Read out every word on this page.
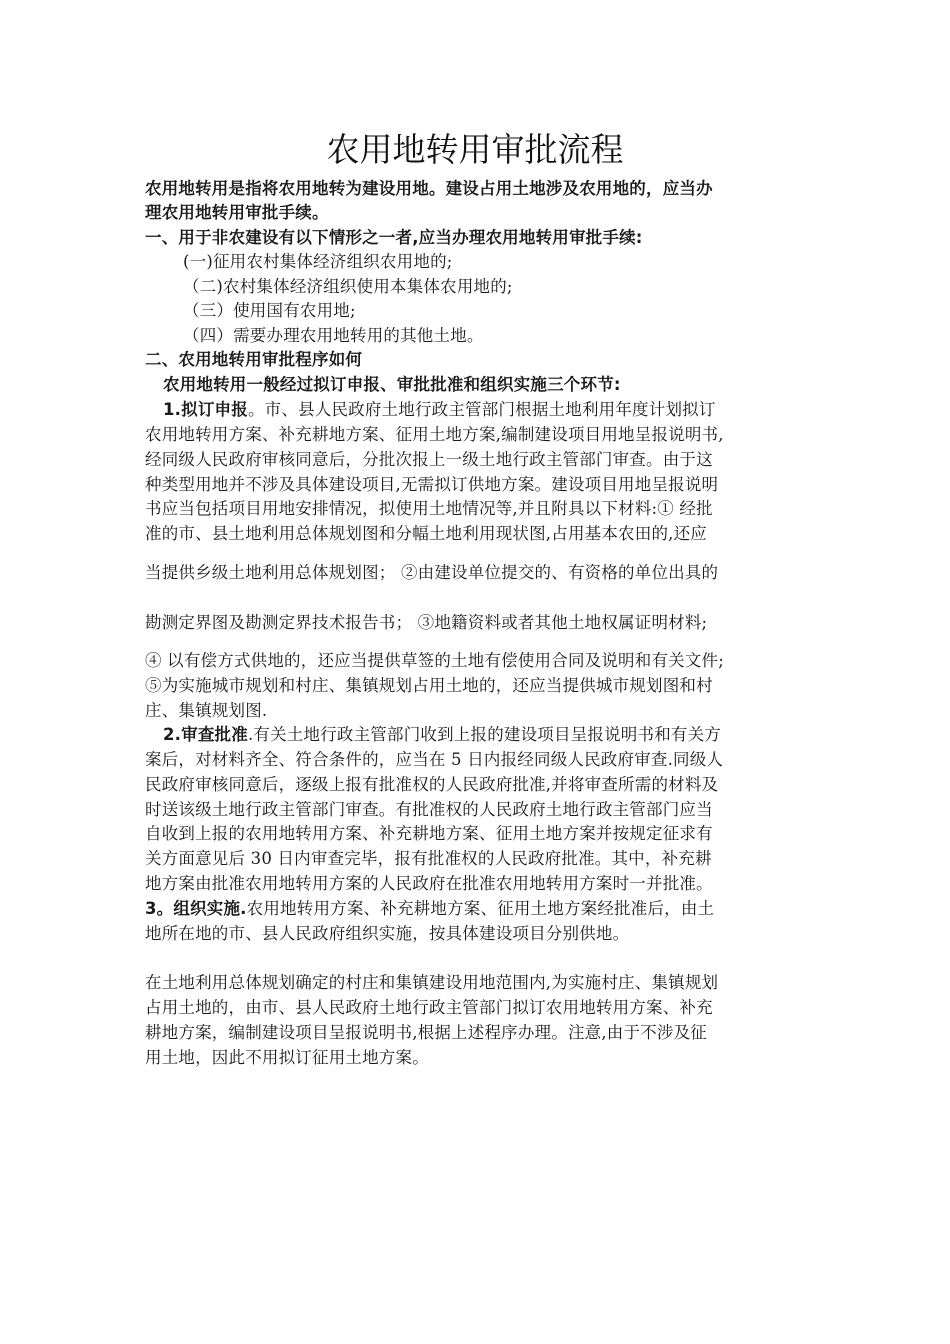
农用地转用审批流程
农用地转用是指将农用地转为建设用地。建设占用土地涉及农用地的，应当办
理农用地转用审批手续。
一、用于非农建设有以下情形之一者,应当办理农用地转用审批手续:
(一)征用农村集体经济组织农用地的;
（二)农村集体经济组织使用本集体农用地的;
（三）使用国有农用地;
（四）需要办理农用地转用的其他土地。
二、农用地转用审批程序如何
农用地转用一般经过拟订申报、审批批准和组织实施三个环节:
1.拟订申报。市、县人民政府土地行政主管部门根据土地利用年度计划拟订
农用地转用方案、补充耕地方案、征用土地方案,编制建设项目用地呈报说明书,
经同级人民政府审核同意后，分批次报上一级土地行政主管部门审查。由于这
种类型用地并不涉及具体建设项目,无需拟订供地方案。建设项目用地呈报说明
书应当包括项目用地安排情况，拟使用土地情况等,并且附具以下材料:① 经批
准的市、县土地利用总体规划图和分幅土地利用现状图,占用基本农田的,还应
当提供乡级土地利用总体规划图； ②由建设单位提交的、有资格的单位出具的
勘测定界图及勘测定界技术报告书； ③地籍资料或者其他土地权属证明材料;
④ 以有偿方式供地的，还应当提供草签的土地有偿使用合同及说明和有关文件;
⑤为实施城市规划和村庄、集镇规划占用土地的，还应当提供城市规划图和村
庄、集镇规划图.
2.审查批准.有关土地行政主管部门收到上报的建设项目呈报说明书和有关方
案后，对材料齐全、符合条件的，应当在 5 日内报经同级人民政府审查.同级人
民政府审核同意后，逐级上报有批准权的人民政府批准,并将审查所需的材料及
时送该级土地行政主管部门审查。有批准权的人民政府土地行政主管部门应当
自收到上报的农用地转用方案、补充耕地方案、征用土地方案并按规定征求有
关方面意见后 30 日内审查完毕，报有批准权的人民政府批准。其中，补充耕
地方案由批准农用地转用方案的人民政府在批准农用地转用方案时一并批准。
3。组织实施.农用地转用方案、补充耕地方案、征用土地方案经批准后，由土
地所在地的市、县人民政府组织实施，按具体建设项目分别供地。
在土地利用总体规划确定的村庄和集镇建设用地范围内,为实施村庄、集镇规划
占用土地的，由市、县人民政府土地行政主管部门拟订农用地转用方案、补充
耕地方案，编制建设项目呈报说明书,根据上述程序办理。注意,由于不涉及征
用土地，因此不用拟订征用土地方案。
